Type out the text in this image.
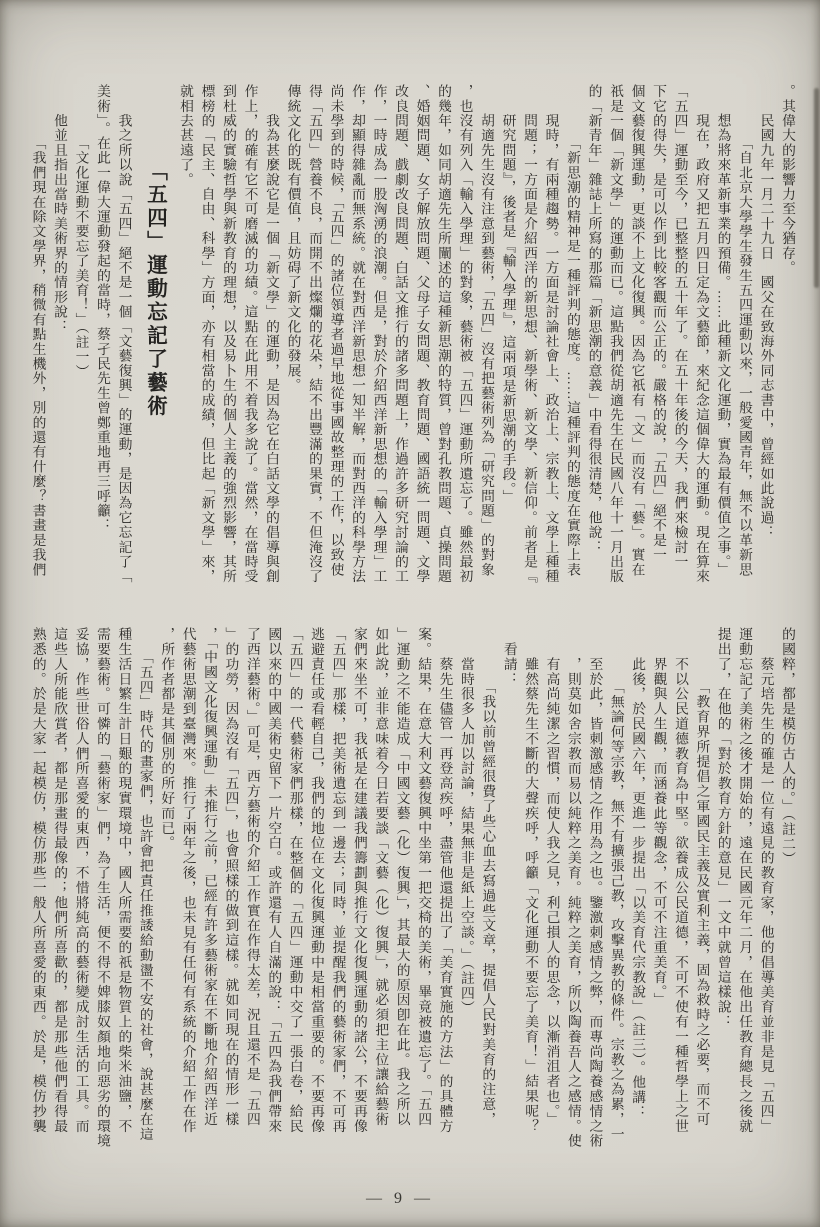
。其偉大的影響力至今猶存。
　　民國九年一月二十九日　國父在致海外同志書中，曾經如此說過：
　　　　「自北京大學學生發生五四運動以來，一般愛國青年，無不以革新思
　　想為將來革新事業的預備。……此種新文化運動，實為最有價值之事。」
　　現在，政府又把五月四日定為文藝節，來紀念這個偉大的運動。現在算來
「五四」運動至今，已整整的五十年了。在五十年後的今天，我們來檢討一
下它的得失，是可以作到比較客觀而公正的。嚴格的說，「五四」絕不是一
個文藝復興運動，更談不上文化復興。因為它祇有「文」而沒有「藝」。實在
祇是一個「新文學」的運動而已。這點我們從胡適先生在民國八年十一月出版
的「新青年」雜誌上所寫的那篇「新思潮的意義」中看得很清楚，他說：
　　　　「新思潮的精神是一種評判的態度。……這種評判的態度在實際上表
　　現時，有兩種趨勢。一方面是討論社會上、政治上、宗教上、文學上種種
　　問題；一方面是介紹西洋的新思想、新學術、新文學、新信仰。前者是『
　　研究問題』，後者是『輸入學理』，這兩項是新思潮的手段。」
　　胡適先生沒有注意到藝術，「五四」沒有把藝術列為「研究問題」的對象
，也沒有列入「輸入學理」的對象，藝術被「五四」運動所遺忘了。雖然最初
的幾年，如同胡適先生所闡述的這種新思潮的特質，曾對孔教問題、貞操問題
、婚姻問題、女子解放問題、父母子女問題、教育問題、國語統一問題、文學
改良問題、戲劇改良問題、白話文推行的諸多問題上，作過許多研究討論的工
作，一時成為一股洶湧的浪潮。但是，對於介紹西洋新思想的「輸入學理」工
作，却顯得雜亂而無系統。就在對西洋新思想一知半解，而對西洋的科學方法
尚未學到的時候，「五四」的諸位領導者過早地從事國故整理的工作，以致使
得「五四」營養不良，而開不出燦爛的花朵，結不出豐滿的果實，不但淹沒了
傳統文化的既有價值，且妨碍了新文化的發展。
　　我為甚麼說它是一個「新文學」的運動，是因為它在白話文學的倡導與創
作上，的確有它不可磨滅的功績。這點在此用不着我多說了。當然，在當時受
到杜威的實驗哲學與新教育的理想，以及易卜生的個人主義的強烈影響，其所
標榜的「民主、自由、科學」方面，亦有相當的成績，但比起「新文學」來，
就相去甚遠了。
「五四」運動忘記了藝術
　　我之所以說「五四」絕不是一個「文藝復興」的運動，是因為它忘記了「
美術」。在此一偉大運動發起的當時，蔡孑民先生曾鄭重地再三呼籲：
　　　　「文化運動不要忘了美育！」（註一）
　　他並且指出當時美術界的情形說：
　　　　「我們現在除文學界，稍微有點生機外，別的還有什麼？書畫是我們
的國粹，都是模仿古人的。」（註二）
　　蔡元培先生的確是一位有遠見的教育家，他的倡導美育並非是見「五四」
運動忘記了美術之後才開始的，遠在民國元年二月，在他出任教育總長之後就
提出了，在他的「對於教育方針的意見」一文中就曾這樣說：
　　　　「教育界所提倡之軍國民主義及實利主義，固為救時之必要，而不可
　　不以公民道德教育為中堅。欲養成公民道德，不可不使有一種哲學上之世
　　界觀與人生觀，而涵養此等觀念，不可不注重美育。」
　　此後，於民國六年，更進一步提出「以美育代宗教說」（註三）。他講：
　　　　「無論何等宗教，無不有擴張己教，攻擊異教的條件。宗教之為累，一
　　至於此，皆刺激感情之作用為之也。鑒激刺感情之弊，而專尚陶養感情之術
　　，則莫如舍宗教而易以純粹之美育。純粹之美育，所以陶養吾人之感情。使
　　有高尚純潔之習慣，而使人我之見，利己損人的思念，以漸消沮者也。」
　　雖然蔡先生不斷的大聲疾呼，呼籲「文化運動不要忘了美育！」結果呢？
　看請：
　　　　「我以前曾經很費了些心血去寫過些文章，提倡人民對美育的注意，
　　當時很多人加以討論，結果無非是紙上空談。」（註四）
　　蔡先生儘管一再登高疾呼，盡管他還提出了「美育實施的方法」的具體方
案。結果，在意大利文藝復興中坐第一把交椅的美術，畢竟被遺忘了。「五四
」運動之不能造成「中國文藝（化）復興」，其最大的原因卽在此。我之所以
如此說，並非意味着今日若要談「文藝（化）復興」，就必須把主位讓給藝術
家們來坐不可，我祇是在建議我們籌劃與推行文化復興運動的諸公，不要再像
「五四」那樣，把美術遺忘到一邊去；同時，並提醒我們的藝術家們，不可再
逃避責任或看輕自己，我們的地位在文化復興運動中是相當重要的。不要再像
「五四」的一代藝術家們那樣，在整個的「五四」運動中交了一張白卷，給民
國以來的中國美術史留下一片空白。或許還有人自滿的說：「五四為我們帶來
了西洋藝術。」可是，西方藝術的介紹工作實在作得太差，況且還不是「五四
」的功勞，因為沒有「五四」，也會照樣的做到這樣。就如同現在的情形一樣
，「中國文化復興運動」未推行之前，已經有許多藝術家在不斷地介紹西洋近
代藝術思潮到臺灣來。推行了兩年之後，也未見有任何有系統的介紹工作在作
，所作者都是其個別的所好而已。
　　「五四」時代的畫家們，也許會把責任推諉給動盪不安的社會，說甚麼在這
種生活日繁生計日艱的現實環境中，國人所需要的祇是物質上的柴米油鹽，不
需要藝術。可憐的「藝術家」們，為了生活，便不得不婢膝奴顏地向惡劣的環境
妥協，作些世俗人們所喜愛的東西，不惜將純高的藝術變成討生活的工具。而
這些人所能欣賞者，都是那畫得最像的；他們所喜歡的，都是那些他們看得最
熟悉的。於是大家一起模仿，模仿那些一般人所喜愛的東西。於是，模仿抄襲
— 9 —
